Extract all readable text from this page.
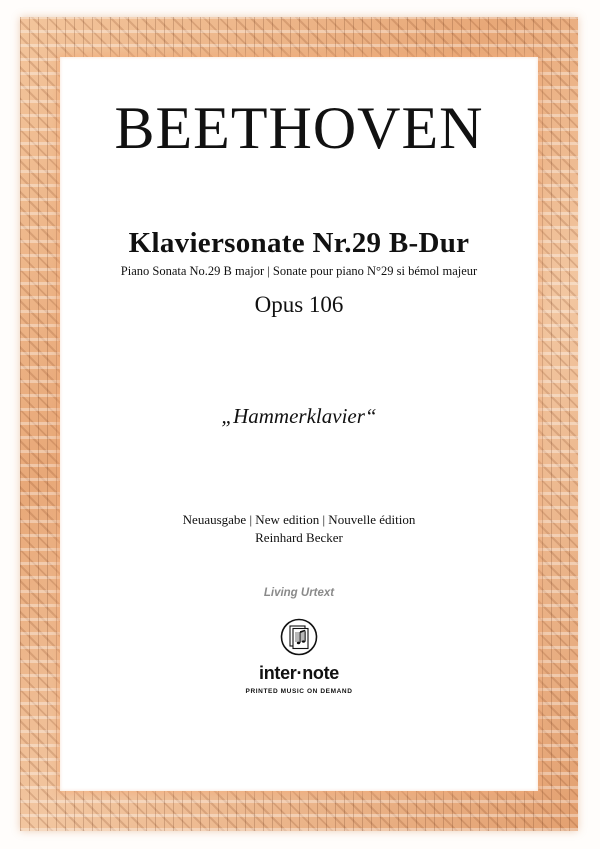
BEETHOVEN
Klaviersonate Nr.29 B-Dur
Piano Sonata No.29 B major | Sonate pour piano N°29 si bémol majeur
Opus 106
„Hammerklavier“
Neuausgabe | New edition | Nouvelle édition
Reinhard Becker
Living Urtext
inter·note
PRINTED MUSIC ON DEMAND
